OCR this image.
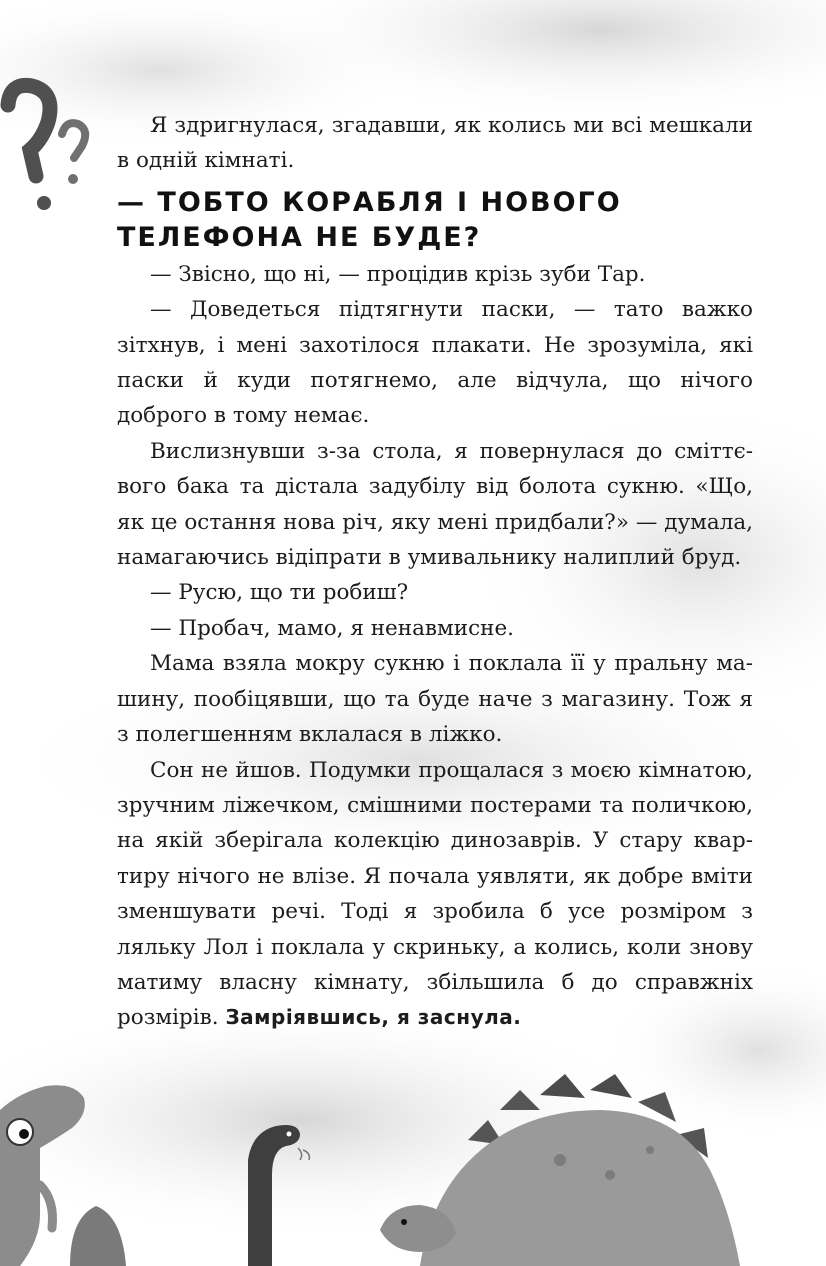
Я здригнулася, згадавши, як колись ми всі мешкали в одній кімнаті.

— ТОБТО КОРАБЛЯ І НОВОГО ТЕЛЕФОНА НЕ БУДЕ?

— Звісно, що ні, — процідив крізь зуби Тар.

— Доведеться підтягнути паски, — тато важко зітхнув, і мені захотілося плакати. Не зрозуміла, які паски й куди потягнемо, але відчула, що нічого доброго в тому немає.

Вислизнувши з-за стола, я повернулася до сміттєвого бака та дістала задубілу від болота сукню. «Що, як це остання нова річ, яку мені придбали?» — думала, намагаючись відіпрати в умивальнику налиплий бруд.

— Русю, що ти робиш?

— Пробач, мамо, я ненавмисне.

Мама взяла мокру сукню і поклала її у пральну машину, пообіцявши, що та буде наче з магазину. Тож я з полегшенням вклалася в ліжко.

Сон не йшов. Подумки прощалася з моєю кімнатою, зручним ліжечком, смішними постерами та поличкою, на якій зберігала колекцію динозаврів. У стару квартиру нічого не влізе. Я почала уявляти, як добре вміти зменшувати речі. Тоді я зробила б усе розміром з ляльку Лол і поклала у скриньку, а колись, коли знову матиму власну кімнату, збільшила б до справжніх розмірів. Замріявшись, я заснула.
